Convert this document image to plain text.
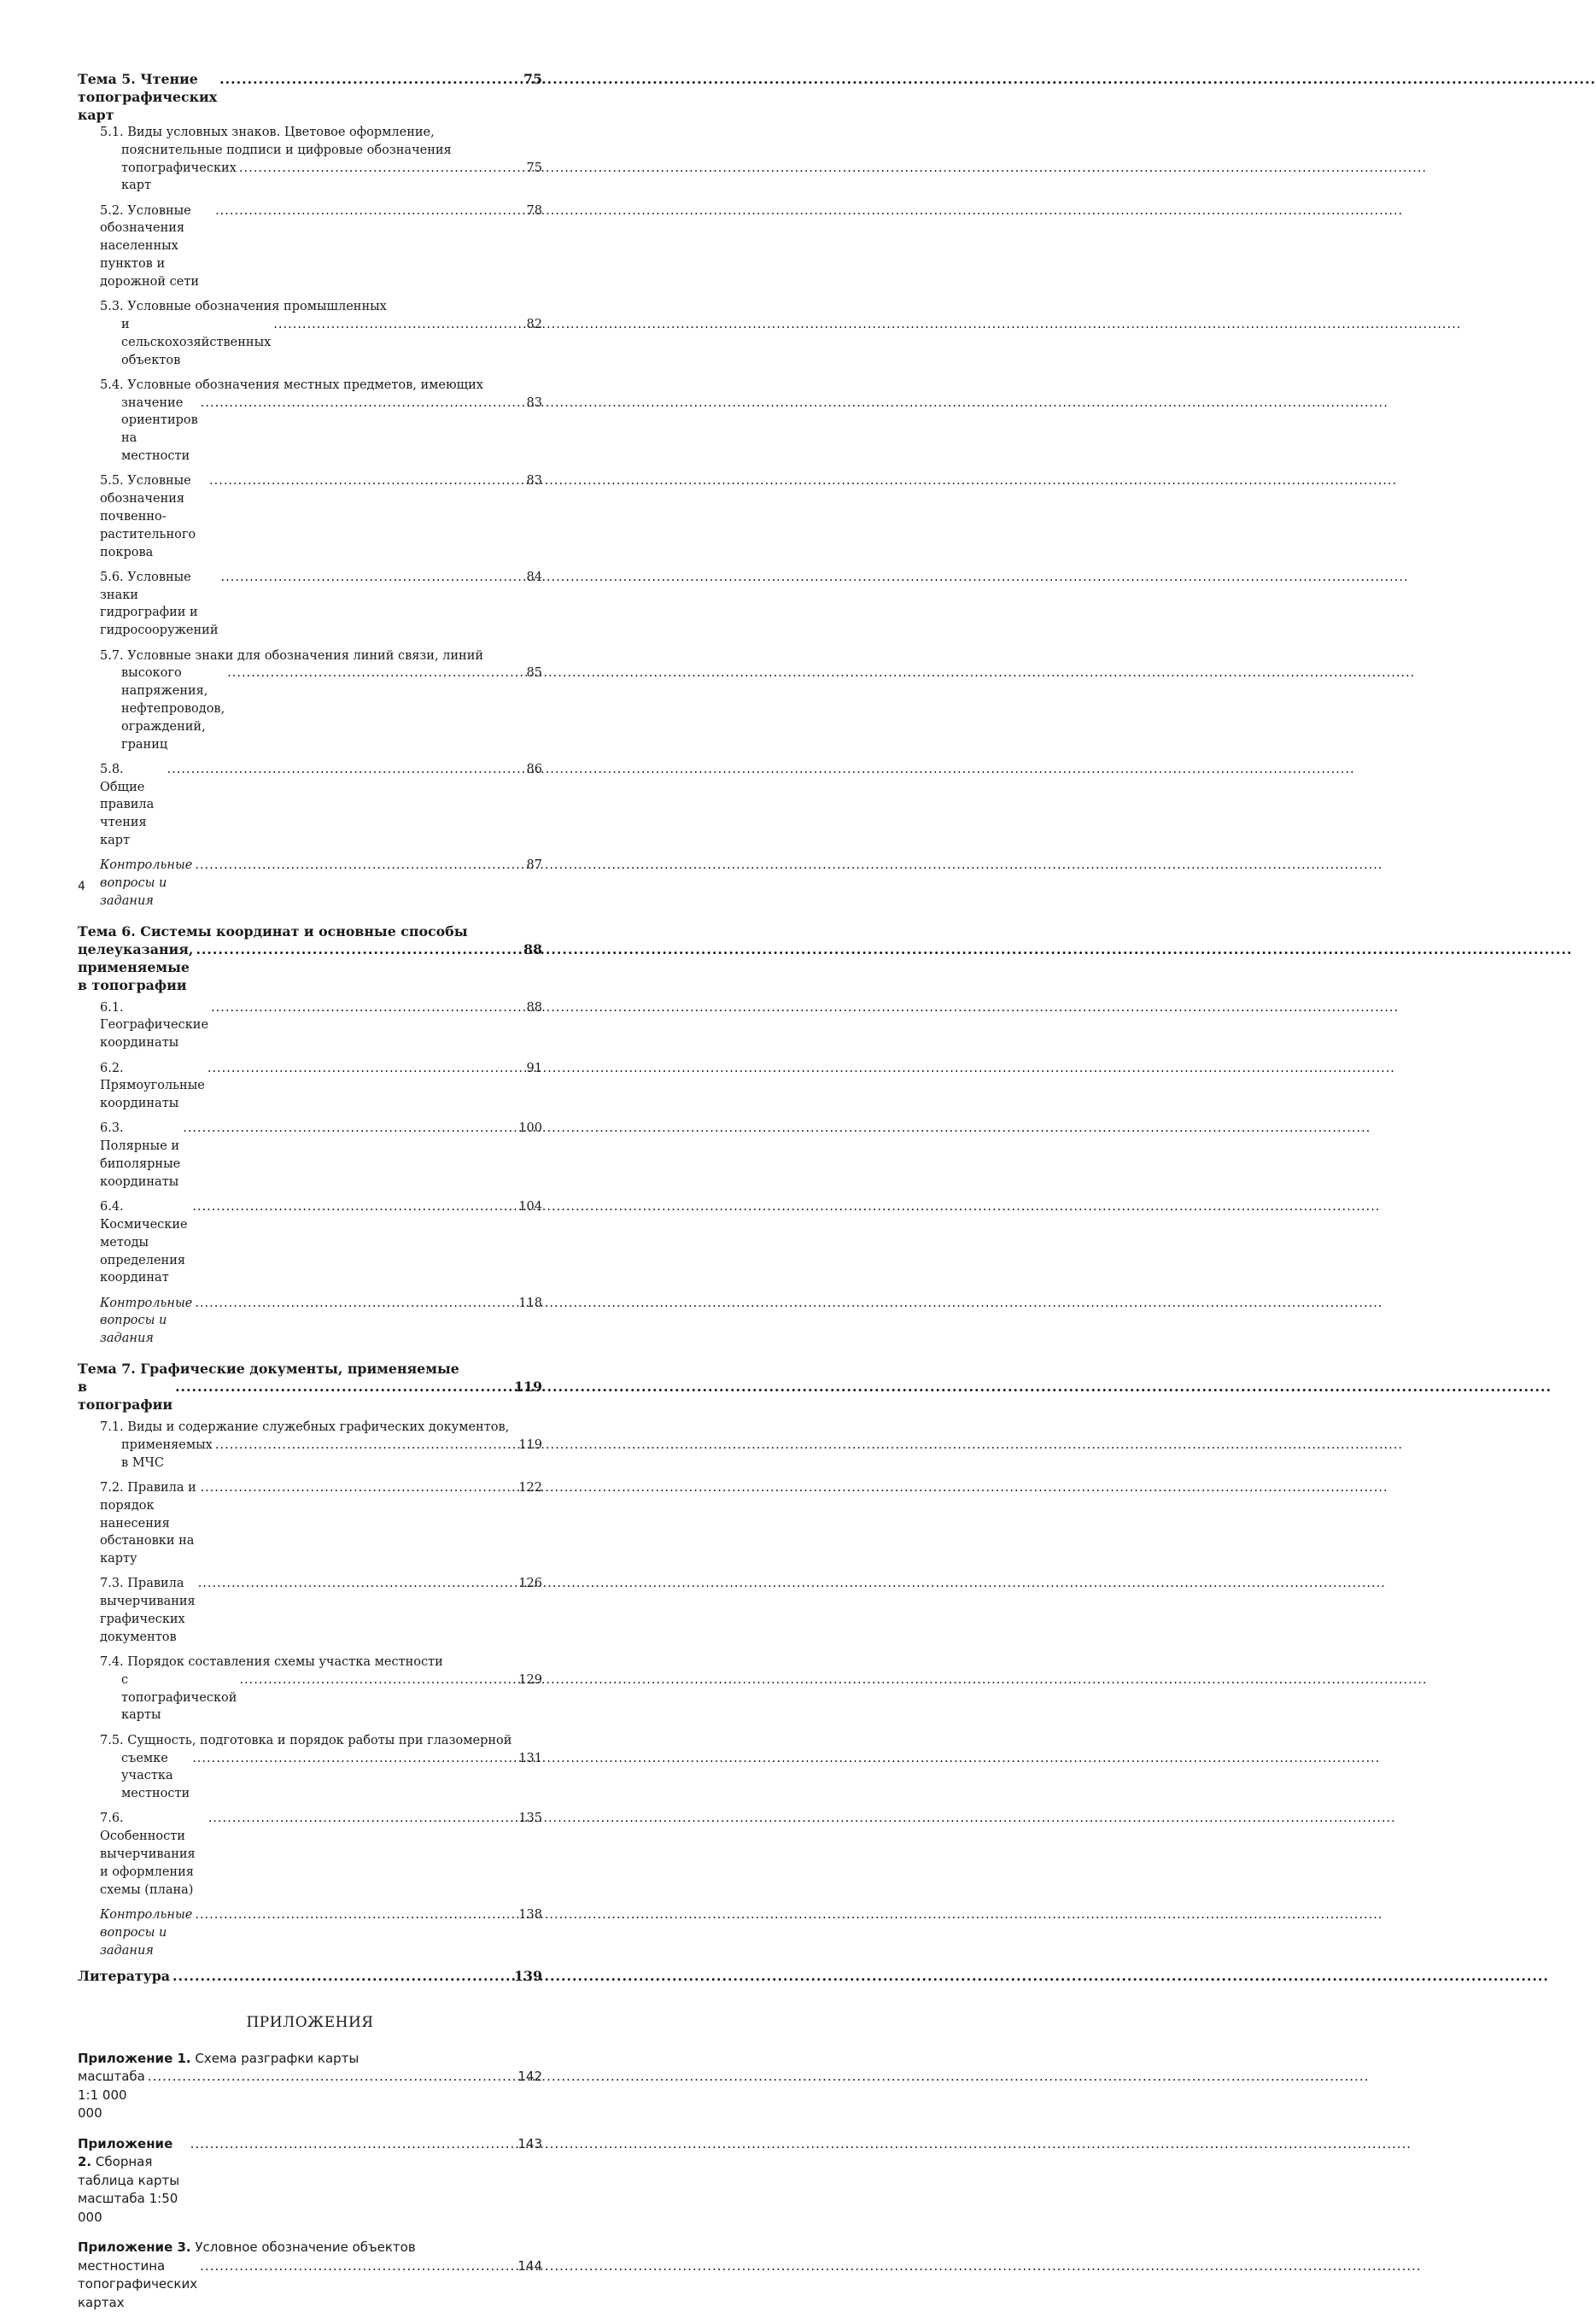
Тема 5. Чтение топографических карт
.....
75
5.1. Виды условных знаков. Цветовое оформление,
пояснительные подписи и цифровые обозначения
топографических карт
.....
75
5.2. Условные обозначения населенных пунктов и дорожной сети
.....
78
5.3. Условные обозначения промышленных
и сельскохозяйственных объектов
.....
82
5.4. Условные обозначения местных предметов, имеющих
значение ориентиров на местности
.....
83
5.5. Условные обозначения почвенно-растительного покрова
.....
83
5.6. Условные знаки гидрографии и гидросооружений
.....
84
5.7. Условные знаки для обозначения линий связи, линий
высокого напряжения, нефтепроводов, ограждений, границ
.....
85
5.8. Общие правила чтения карт
.....
86
Контрольные вопросы и задания
.....
87
Тема 6. Системы координат и основные способы
целеуказания, применяемые в топографии
.....
88
6.1. Географические координаты
.....
88
6.2. Прямоугольные координаты
.....
91
6.3. Полярные и биполярные координаты
.....
100
6.4. Космические методы определения координат
.....
104
Контрольные вопросы и задания
.....
118
Тема 7. Графические документы, применяемые
в топографии
.....
119
7.1. Виды и содержание служебных графических документов,
применяемых в МЧС
.....
119
7.2. Правила и порядок нанесения обстановки на карту
.....
122
7.3. Правила вычерчивания графических документов
.....
126
7.4. Порядок составления схемы участка местности
с топографической карты
.....
129
7.5. Сущность, подготовка и порядок работы при глазомерной
съемке участка местности
.....
131
7.6. Особенности вычерчивания и оформления схемы (плана)
.....
135
Контрольные вопросы и задания
.....
138
Литература
.....	139
ПРИЛОЖЕНИЯ
Приложение 1. Схема разграфки карты
масштаба 1:1 000 000
.....
142
Приложение 2. Сборная таблица карты масштаба 1:50 000
.....
143
Приложение 3. Условное обозначение объектов
местностина топографических картах
.....
144
4
